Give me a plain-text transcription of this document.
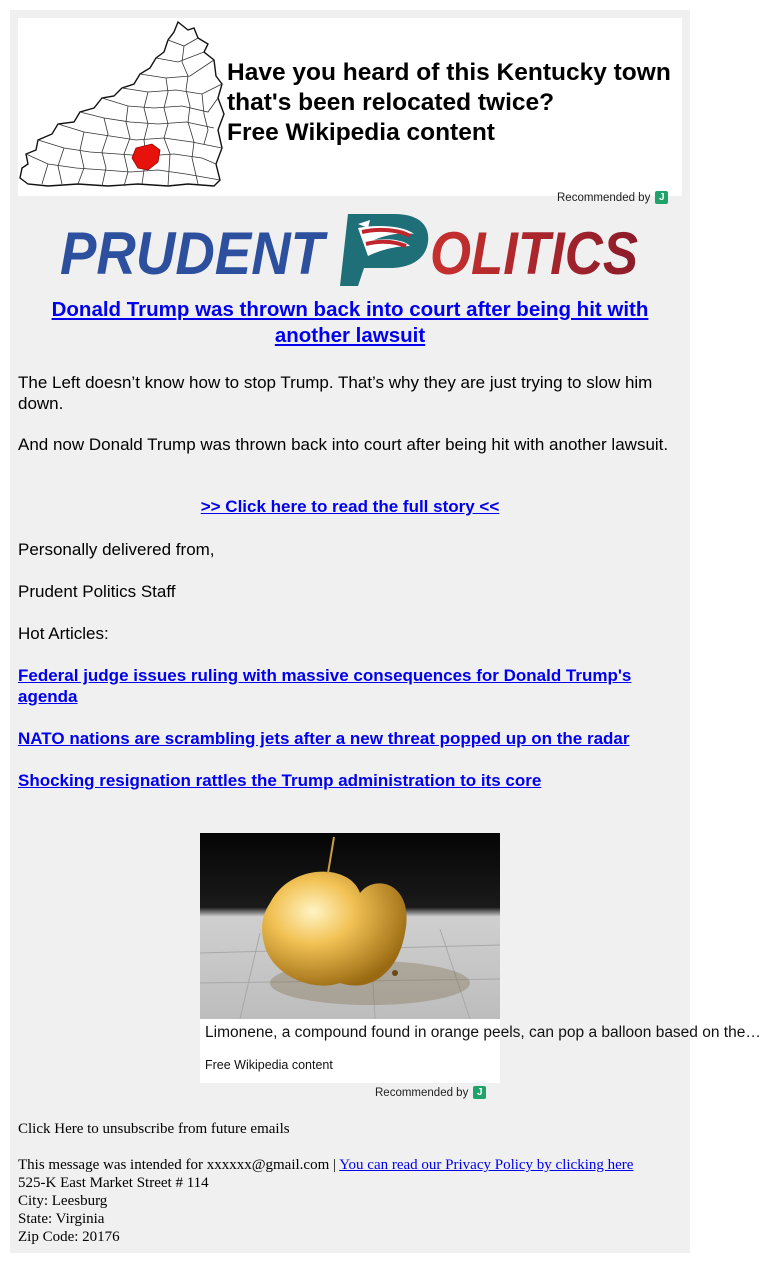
Have you heard of this Kentucky town that's been relocated twice?
Free Wikipedia content
Recommended by J
PRUDENT OLITICS
Donald Trump was thrown back into court after being hit with another lawsuit
The Left doesn’t know how to stop Trump. That’s why they are just trying to slow him down.
And now Donald Trump was thrown back into court after being hit with another lawsuit.
>> Click here to read the full story <<
Personally delivered from,
Prudent Politics Staff
Hot Articles:
Federal judge issues ruling with massive consequences for Donald Trump's agenda
NATO nations are scrambling jets after a new threat popped up on the radar
Shocking resignation rattles the Trump administration to its core
Limonene, a compound found in orange peels, can pop a balloon based on the…
Free Wikipedia content
Recommended by J
Click Here to unsubscribe from future emails
This message was intended for xxxxxx@gmail.com | You can read our Privacy Policy by clicking here
525-K East Market Street # 114
City: Leesburg
State: Virginia
Zip Code: 20176
